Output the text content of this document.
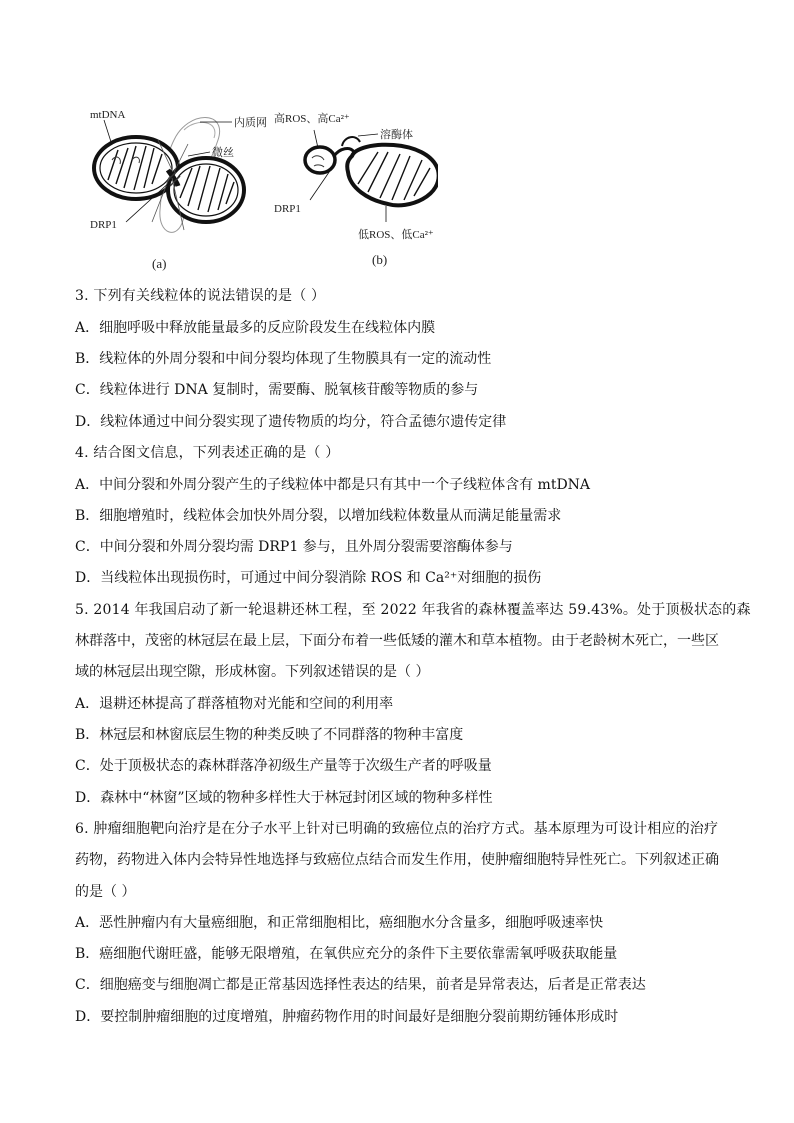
mtDNA
内质网
微丝
DRP1
(a)
高ROS、高Ca²⁺
溶酶体
DRP1
低ROS、低Ca²⁺
(b)
3. 下列有关线粒体的说法错误的是（ ）
A．细胞呼吸中释放能量最多的反应阶段发生在线粒体内膜
B．线粒体的外周分裂和中间分裂均体现了生物膜具有一定的流动性
C．线粒体进行 DNA 复制时，需要酶、脱氧核苷酸等物质的参与
D．线粒体通过中间分裂实现了遗传物质的均分，符合孟德尔遗传定律
4. 结合图文信息，下列表述正确的是（ ）
A．中间分裂和外周分裂产生的子线粒体中都是只有其中一个子线粒体含有 mtDNA
B．细胞增殖时，线粒体会加快外周分裂，以增加线粒体数量从而满足能量需求
C．中间分裂和外周分裂均需 DRP1 参与，且外周分裂需要溶酶体参与
D．当线粒体出现损伤时，可通过中间分裂消除 ROS 和 Ca²⁺对细胞的损伤
5. 2014 年我国启动了新一轮退耕还林工程，至 2022 年我省的森林覆盖率达 59.43%。处于顶极状态的森
林群落中，茂密的林冠层在最上层，下面分布着一些低矮的灌木和草本植物。由于老龄树木死亡，一些区
域的林冠层出现空隙，形成林窗。下列叙述错误的是（ ）
A．退耕还林提高了群落植物对光能和空间的利用率
B．林冠层和林窗底层生物的种类反映了不同群落的物种丰富度
C．处于顶极状态的森林群落净初级生产量等于次级生产者的呼吸量
D．森林中“林窗”区域的物种多样性大于林冠封闭区域的物种多样性
6. 肿瘤细胞靶向治疗是在分子水平上针对已明确的致癌位点的治疗方式。基本原理为可设计相应的治疗
药物，药物进入体内会特异性地选择与致癌位点结合而发生作用，使肿瘤细胞特异性死亡。下列叙述正确
的是（ ）
A．恶性肿瘤内有大量癌细胞，和正常细胞相比，癌细胞水分含量多，细胞呼吸速率快
B．癌细胞代谢旺盛，能够无限增殖，在氧供应充分的条件下主要依靠需氧呼吸获取能量
C．细胞癌变与细胞凋亡都是正常基因选择性表达的结果，前者是异常表达，后者是正常表达
D．要控制肿瘤细胞的过度增殖，肿瘤药物作用的时间最好是细胞分裂前期纺锤体形成时
